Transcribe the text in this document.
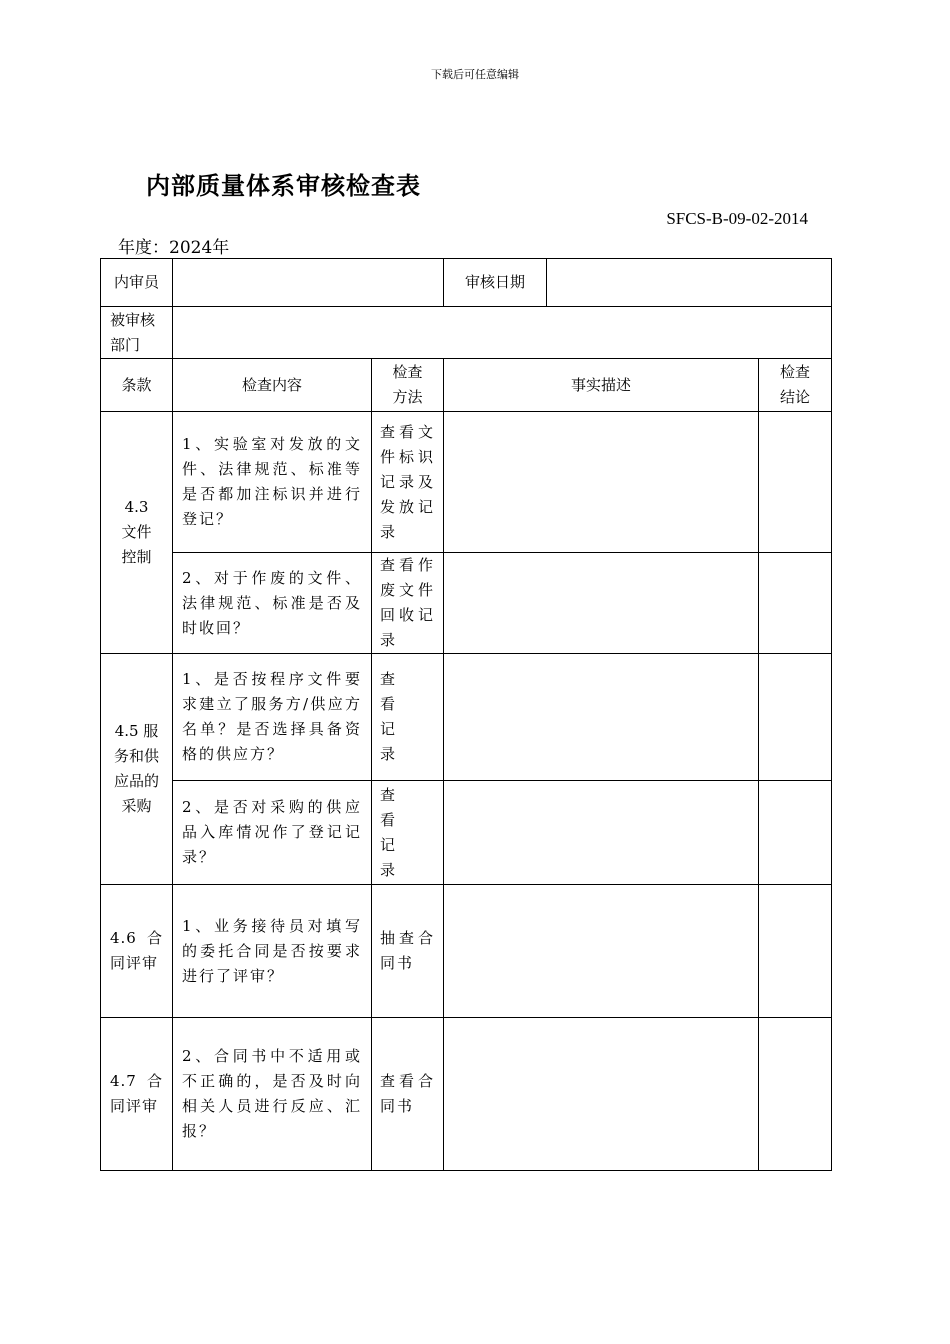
下载后可任意编辑
内部质量体系审核检查表
SFCS-B-09-02-2014
年度：2024年
内审员			审核日期		
被审核部门					
条款	检查内容	检查方法	事实描述		检查结论
4.3 文件控制	1、实验室对发放的文件、法律规范、标准等是否都加注标识并进行登记？	查看文件标识记录及发放记录			
	2、对于作废的文件、法律规范、标准是否及时收回？	查看作废文件回收记录			
4.5 服务和供应品的采购	1、是否按程序文件要求建立了服务方/供应方名单？是否选择具备资格的供应方？	查看记录			
	2、是否对采购的供应品入库情况作了登记记录？	查看记录			
4.6 合同评审	1、业务接待员对填写的委托合同是否按要求进行了评审？	抽查合同书			
4.7 合同评审	2、合同书中不适用或不正确的，是否及时向相关人员进行反应、汇报？	查看合同书			
